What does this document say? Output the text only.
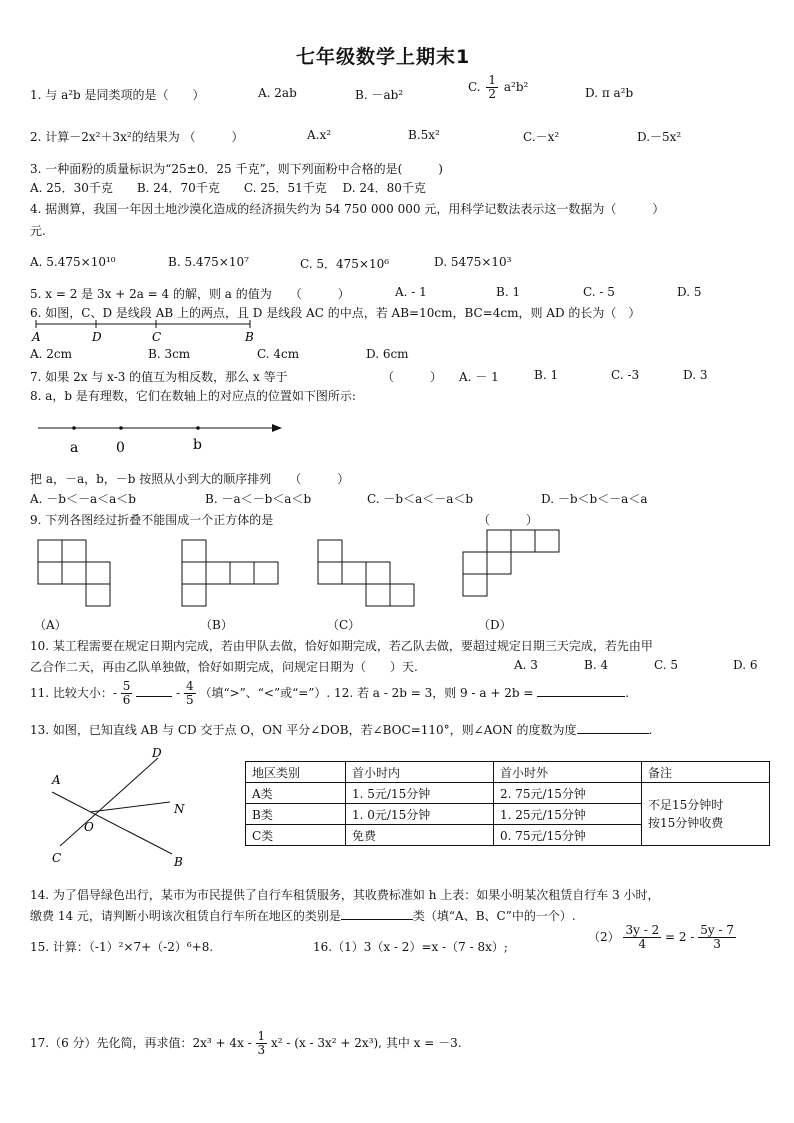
七年级数学上期末1
1. 与 a²b 是同类项的是（　　）	A. 2ab	B. －ab²
C. $\frac{1}{2} a^2b^2$	D. π a²b
2. 计算－2x²＋3x²的结果为 （　　　）	A.x²	B.5x²	C.－x²	D.－5x²
3. 一种面粉的质量标识为“25±0．25 千克”，则下列面粉中合格的是(　　　)
A. 25．30千克　　B. 24．70千克　　C. 25．51千克　 D. 24．80千克
4. 据测算，我国一年因土地沙漠化造成的经济损失约为 54 750 000 000 元，用科学记数法表示这一数据为（　　　）
元.
A. 5.475×10¹⁰	B. 5.475×10⁷	C. 5．475×10⁶	D. 5475×10³
5. x = 2 是 3x + 2a = 4 的解，则 a 的值为　　（　　　）	A. - 1	B. 1	C. - 5	D. 5
6. 如图，C、D 是线段 AB 上的两点，且 D 是线段 AC 的中点，若 AB=10cm，BC=4cm，则 AD 的长为（　）
A	D	C	B
A. 2cm	B. 3cm	C. 4cm	D. 6cm
7. 如果 2x 与 x-3 的值互为相反数，那么 x 等于	（　　　） A. － 1	B. 1	C. -3	D. 3
8. a，b 是有理数，它们在数轴上的对应点的位置如下图所示:
a	0	b
把 a，－a，b，－b 按照从小到大的顺序排列　　（　　　）
A. －b＜－a＜a＜b	B. －a＜－b＜a＜b	C. －b＜a＜－a＜b	D. －b＜b＜－a＜a
9. 下列各图经过折叠不能围成一个正方体的是	（　　　）
（A）	（B）	（C）	（D）
10. 某工程需要在规定日期内完成，若由甲队去做，恰好如期完成，若乙队去做，要超过规定日期三天完成，若先由甲
乙合作二天，再由乙队单独做，恰好如期完成，问规定日期为（　　）天.	A. 3	B. 4	C. 5	D. 6
11. 比较大小：- $\frac{5}{6}$	- $\frac{4}{5}$ （填“>”、“<”或“=”）. 12. 若 a - 2b = 3，则 9 - a + 2b =	.
13. 如图，已知直线 AB 与 CD 交于点 O，ON 平分∠DOB，若∠BOC=110°，则∠AON 的度数为度	.
D
A
N
O
C	B
地区类别	首小时内	首小时外	备注
A类	1. 5元/15分钟	2. 75元/15分钟	不足15分钟时
按15分钟收费

B类	1. 0元/15分钟	1. 25元/15分钟	
C类	免费	0. 75元/15分钟	
14. 为了倡导绿色出行，某市为市民提供了自行车租赁服务，其收费标准如 h 上表：如果小明某次租赁自行车 3 小时，
缴费 14 元，请判断小明该次租赁自行车所在地区的类别是	类（填“A、B、C”中的一个）.
15. 计算：（-1）²×7+（-2）⁶+8.	16.（1）3（x - 2）=x -（7 - 8x）;
$(2) \frac{3y - 2}{4} = 2 - \frac{5y - 7}{3}$
17.（6 分）先化简，再求值：$2x^3 + 4x - \frac{1}{3} x^2 - (x - 3x^2 + 2x^3)$, 其中 x = －3.
